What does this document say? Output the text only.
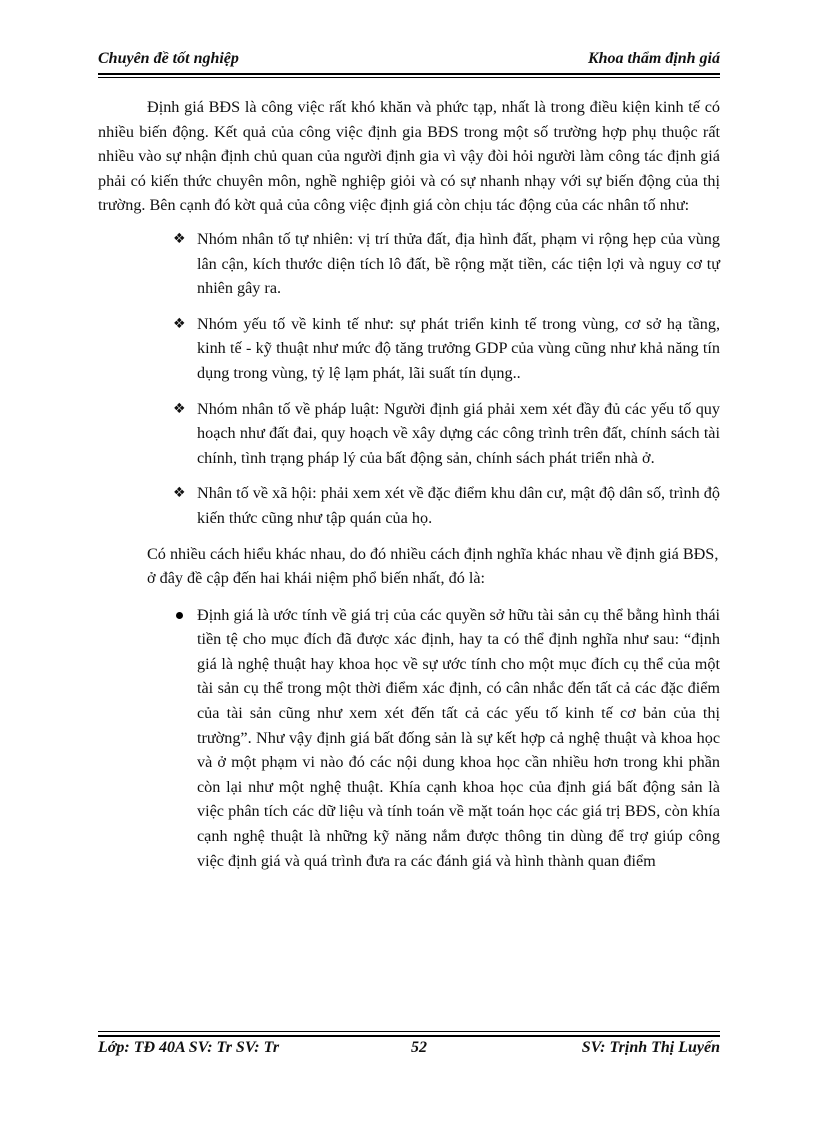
Chuyên đề tốt nghiệp	Khoa thẩm định giá

Định giá BĐS là công việc rất khó khăn và phức tạp, nhất là trong điều kiện kinh tế có nhiều biến động. Kết quả của công việc định gia BĐS trong một số trường hợp phụ thuộc rất nhiều vào sự nhận định chủ quan của người định gia vì vậy đòi hỏi người làm công tác định giá phải có kiến thức chuyên môn, nghề nghiệp giỏi và có sự nhanh nhạy với sự biến động của thị trường. Bên cạnh đó kờt quả của công việc định giá còn chịu tác động của các nhân tố như:

❖ Nhóm nhân tố tự nhiên: vị trí thửa đất, địa hình đất, phạm vi rộng hẹp của vùng lân cận, kích thước diện tích lô đất, bề rộng mặt tiền, các tiện lợi và nguy cơ tự nhiên gây ra.
❖ Nhóm yếu tố về kinh tế như: sự phát triển kinh tế trong vùng, cơ sở hạ tầng, kinh tế - kỹ thuật như mức độ tăng trưởng GDP của vùng cũng như khả năng tín dụng trong vùng, tỷ lệ lạm phát, lãi suất tín dụng..
❖ Nhóm nhân tố về pháp luật: Người định giá phải xem xét đầy đủ các yếu tố quy hoạch như đất đai, quy hoạch về xây dựng các công trình trên đất, chính sách tài chính, tình trạng pháp lý của bất động sản, chính sách phát triển nhà ở.
❖ Nhân tố về xã hội: phải xem xét về đặc điểm khu dân cư, mật độ dân số, trình độ kiến thức cũng như tập quán của họ.

Có nhiều cách hiểu khác nhau, do đó nhiều cách định nghĩa khác nhau về định giá BĐS, ở đây đề cập đến hai khái niệm phổ biến nhất, đó là:

Định giá là ước tính về giá trị của các quyền sở hữu tài sản cụ thể bằng hình thái tiền tệ cho mục đích đã được xác định, hay ta có thể định nghĩa như sau: “định giá là nghệ thuật hay khoa học về sự ước tính cho một mục đích cụ thể của một tài sản cụ thể trong một thời điểm xác định, có cân nhắc đến tất cả các đặc điểm của tài sản cũng như xem xét đến tất cả các yếu tố kinh tế cơ bản của thị trường”. Như vậy định giá bất đống sản là sự kết hợp cả nghệ thuật và khoa học và ở một phạm vi nào đó các nội dung khoa học cần nhiều hơn trong khi phần còn lại như một nghệ thuật. Khía cạnh khoa học của định giá bất động sản là việc phân tích các dữ liệu và tính toán về mặt toán học các giá trị BĐS, còn khía cạnh nghệ thuật là những kỹ năng nắm được thông tin dùng để trợ giúp công việc định giá và quá trình đưa ra các đánh giá và hình thành quan điểm
Lớp: TĐ 40A SV: Tr SV: Tr	52	SV: Trịnh Thị Luyến
